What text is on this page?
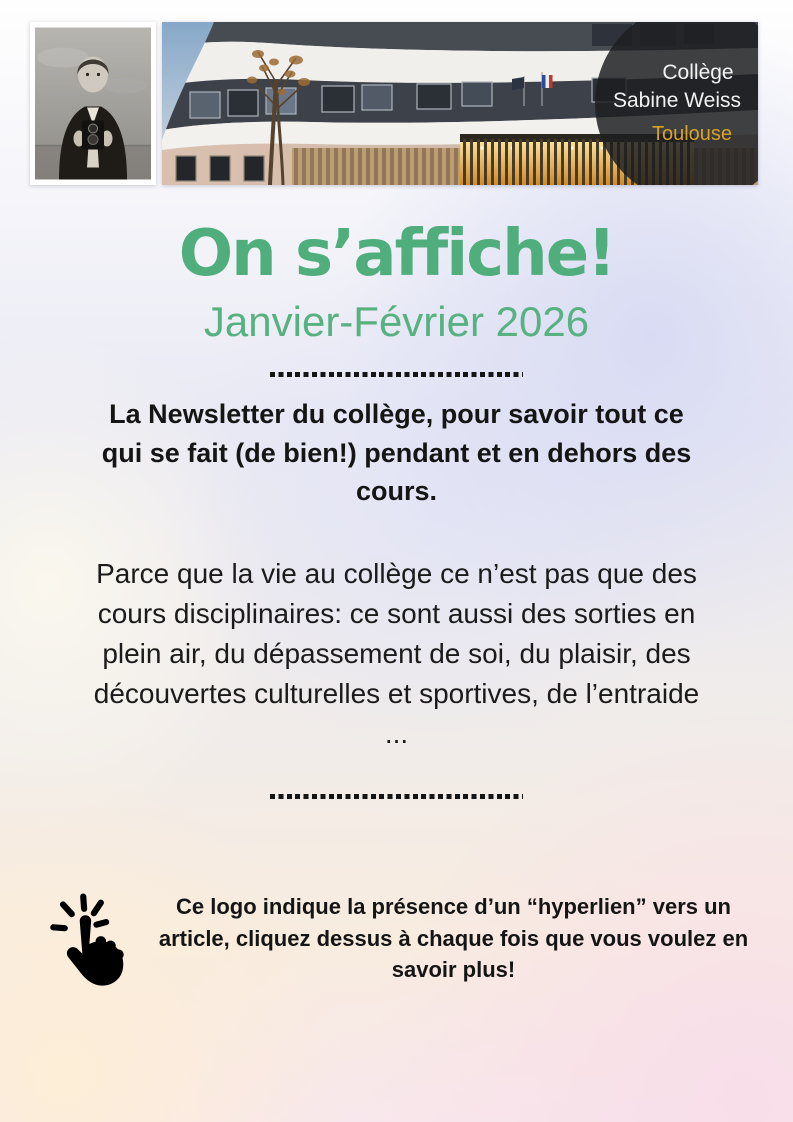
Collège
Sabine Weiss
Toulouse
On s’affiche!
Janvier-Février 2026

La Newsletter du collège, pour savoir tout ce qui se fait (de bien!) pendant et en dehors des cours.

Parce que la vie au collège ce n’est pas que des cours disciplinaires: ce sont aussi des sorties en plein air, du dépassement de soi, du plaisir, des découvertes culturelles et sportives, de l’entraide ...

Ce logo indique la présence d’un “hyperlien” vers un article, cliquez dessus à chaque fois que vous voulez en savoir plus!
